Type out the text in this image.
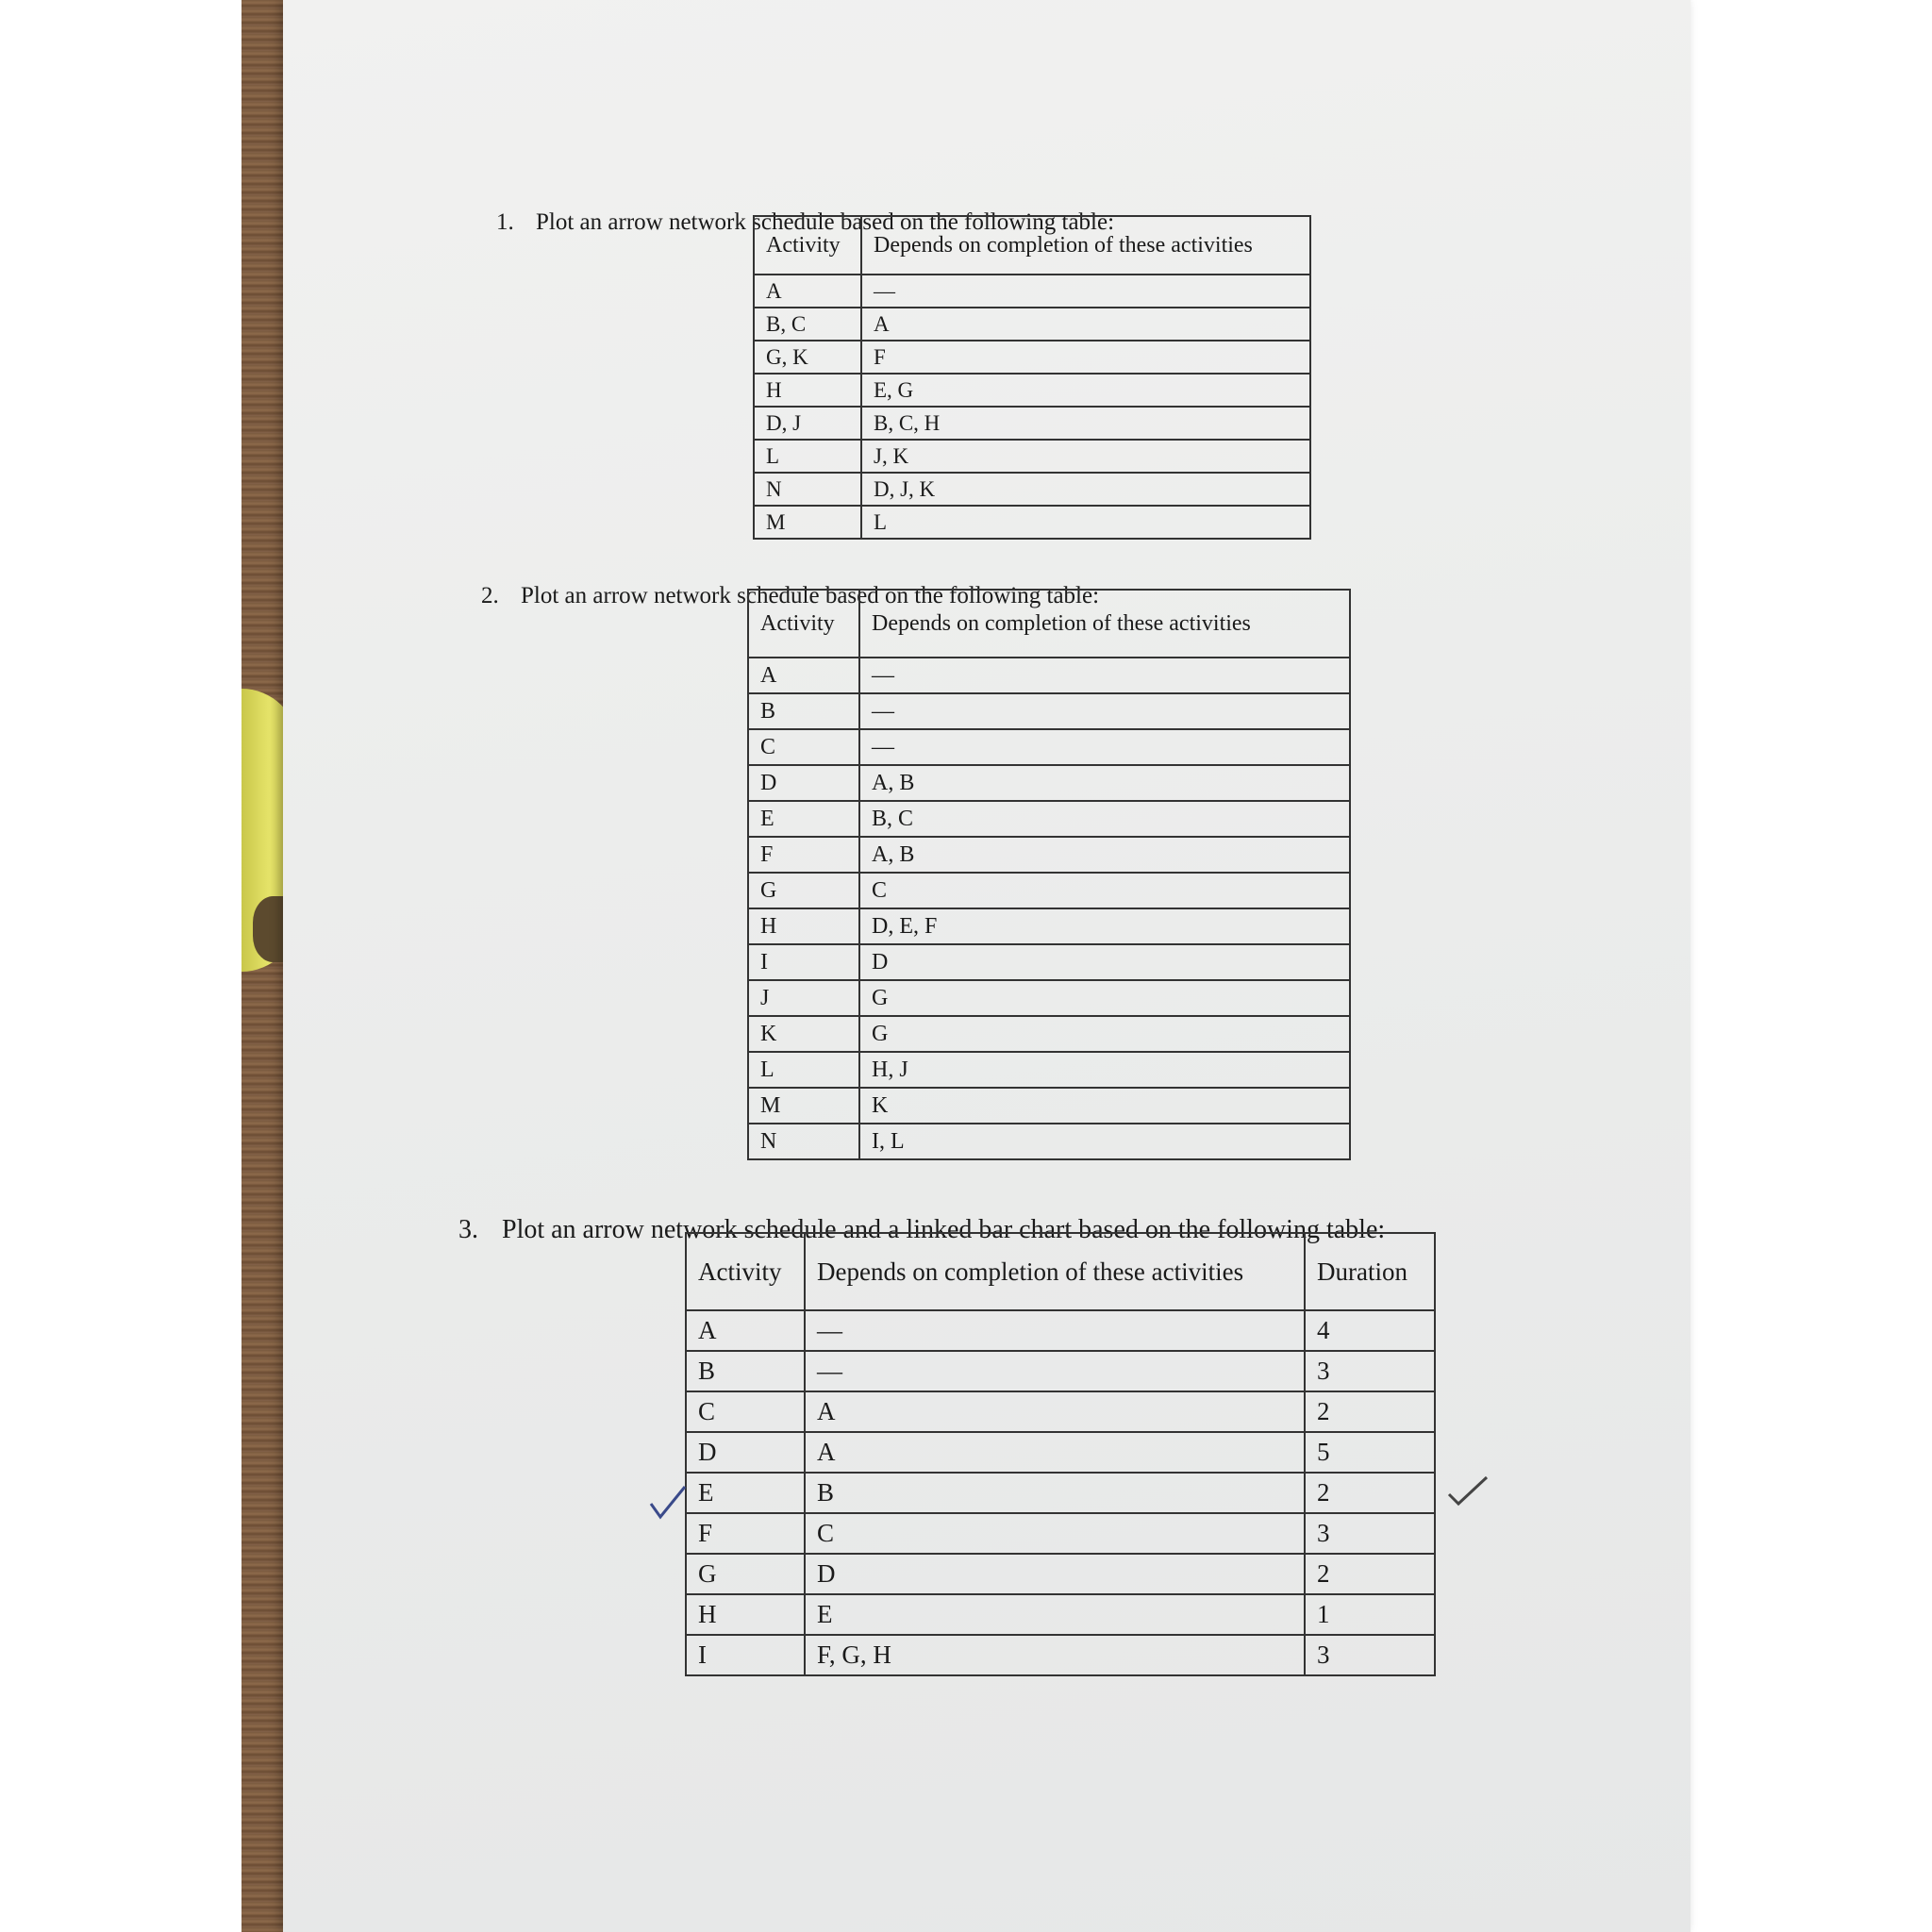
1. Plot an arrow network schedule based on the following table:
Activity	Depends on completion of these activities
A	—
B, C	A
G, K	F
H	E, G
D, J	B, C, H
L	J, K
N	D, J, K
M	L
2. Plot an arrow network schedule based on the following table:
Activity	Depends on completion of these activities
A	—
B	—
C	—
D	A, B
E	B, C
F	A, B
G	C
H	D, E, F
I	D
J	G
K	G
L	H, J
M	K
N	I, L
3. Plot an arrow network schedule and a linked bar chart based on the following table:
Activity	Depends on completion of these activities	Duration
A	—	4
B	—	3
C	A	2
D	A	5
E	B	2
F	C	3
G	D	2
H	E	1
I	F, G, H	3
